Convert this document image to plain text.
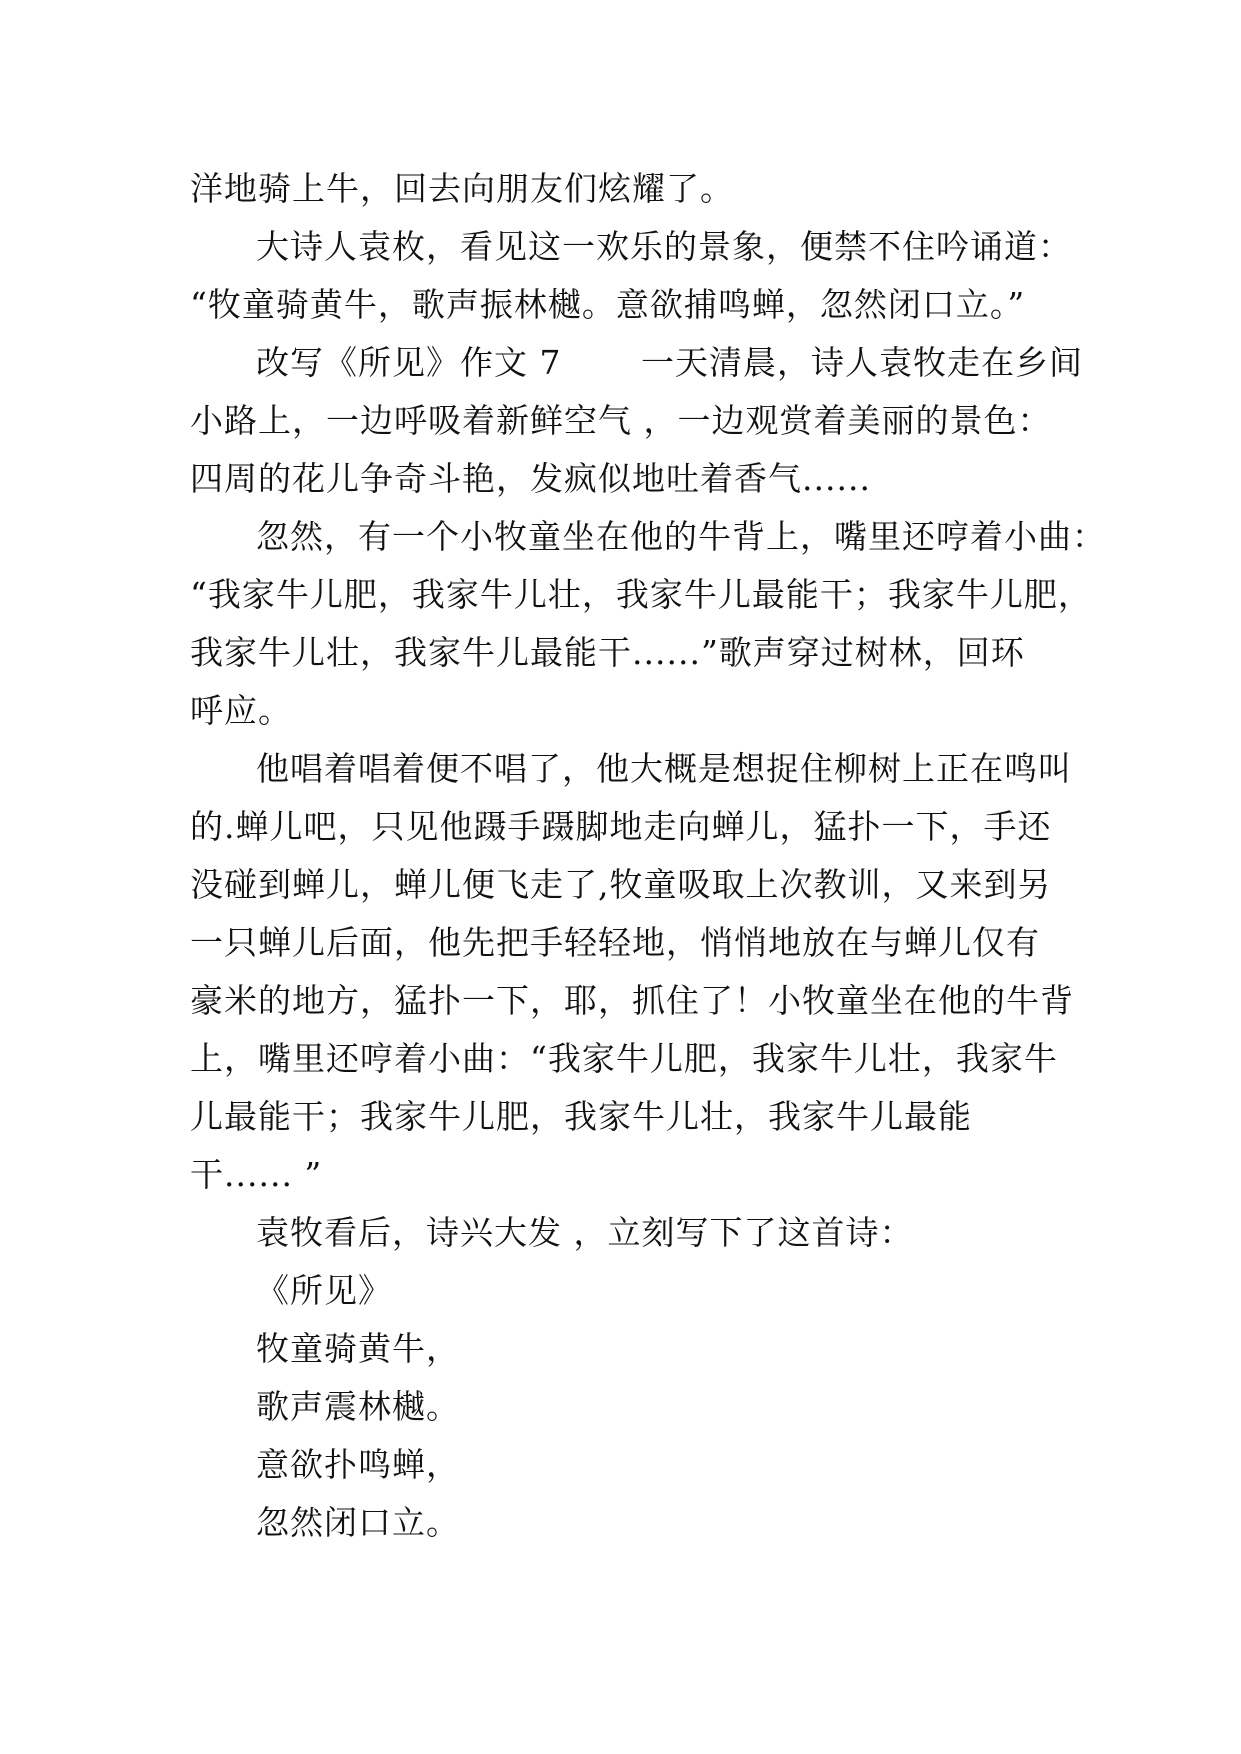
洋地骑上牛，回去向朋友们炫耀了。
大诗人袁枚，看见这一欢乐的景象，便禁不住吟诵道：
“牧童骑黄牛，歌声振林樾。意欲捕鸣蝉，忽然闭口立。”
改写《所见》作文 7　　 一天清晨，诗人袁牧走在乡间
小路上，一边呼吸着新鲜空气 ，一边观赏着美丽的景色：
四周的花儿争奇斗艳，发疯似地吐着香气......
忽然，有一个小牧童坐在他的牛背上，嘴里还哼着小曲：
“我家牛儿肥，我家牛儿壮，我家牛儿最能干；我家牛儿肥，
我家牛儿壮，我家牛儿最能干......”歌声穿过树林，回环
呼应。
他唱着唱着便不唱了，他大概是想捉住柳树上正在鸣叫
的.蝉儿吧，只见他蹑手蹑脚地走向蝉儿，猛扑一下，手还
没碰到蝉儿，蝉儿便飞走了,牧童吸取上次教训，又来到另
一只蝉儿后面，他先把手轻轻地，悄悄地放在与蝉儿仅有
豪米的地方，猛扑一下，耶，抓住了！小牧童坐在他的牛背
上，嘴里还哼着小曲：“我家牛儿肥，我家牛儿壮，我家牛
儿最能干；我家牛儿肥，我家牛儿壮，我家牛儿最能
干...... ”
袁牧看后，诗兴大发 ，立刻写下了这首诗：
《所见》
牧童骑黄牛，
歌声震林樾。
意欲扑鸣蝉，
忽然闭口立。
